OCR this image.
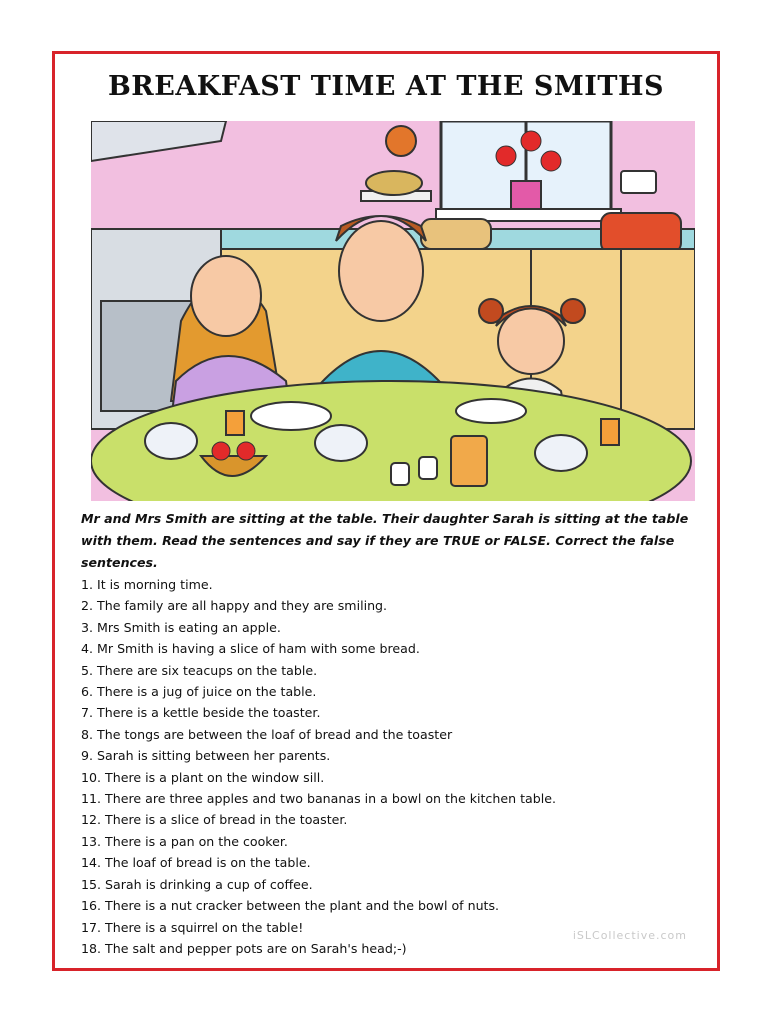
BREAKFAST TIME AT THE SMITHS
Mr and Mrs Smith are sitting at the table. Their daughter Sarah is sitting at the table with them. Read the sentences and say if they are TRUE or FALSE. Correct the false sentences.
1. It is morning time.
2. The family are all happy and they are smiling.
3. Mrs Smith is eating an apple.
4. Mr Smith is having a slice of ham with some bread.
5. There are six teacups on the table.
6. There is a jug of juice on the table.
7. There is a kettle beside the toaster.
8. The tongs are between the loaf of bread and the toaster
9. Sarah is sitting between her parents.
10. There is a plant on the window sill.
11. There are three apples and two bananas in a bowl on the kitchen table.
12. There is a slice of bread in the toaster.
13. There is a pan on the cooker.
14. The loaf of bread is on the table.
15. Sarah is drinking a cup of coffee.
16. There is a nut cracker between the plant and the bowl of nuts.
17. There is a squirrel on the table!
18. The salt and pepper pots are on Sarah's head;-)
iSLCollective.com
